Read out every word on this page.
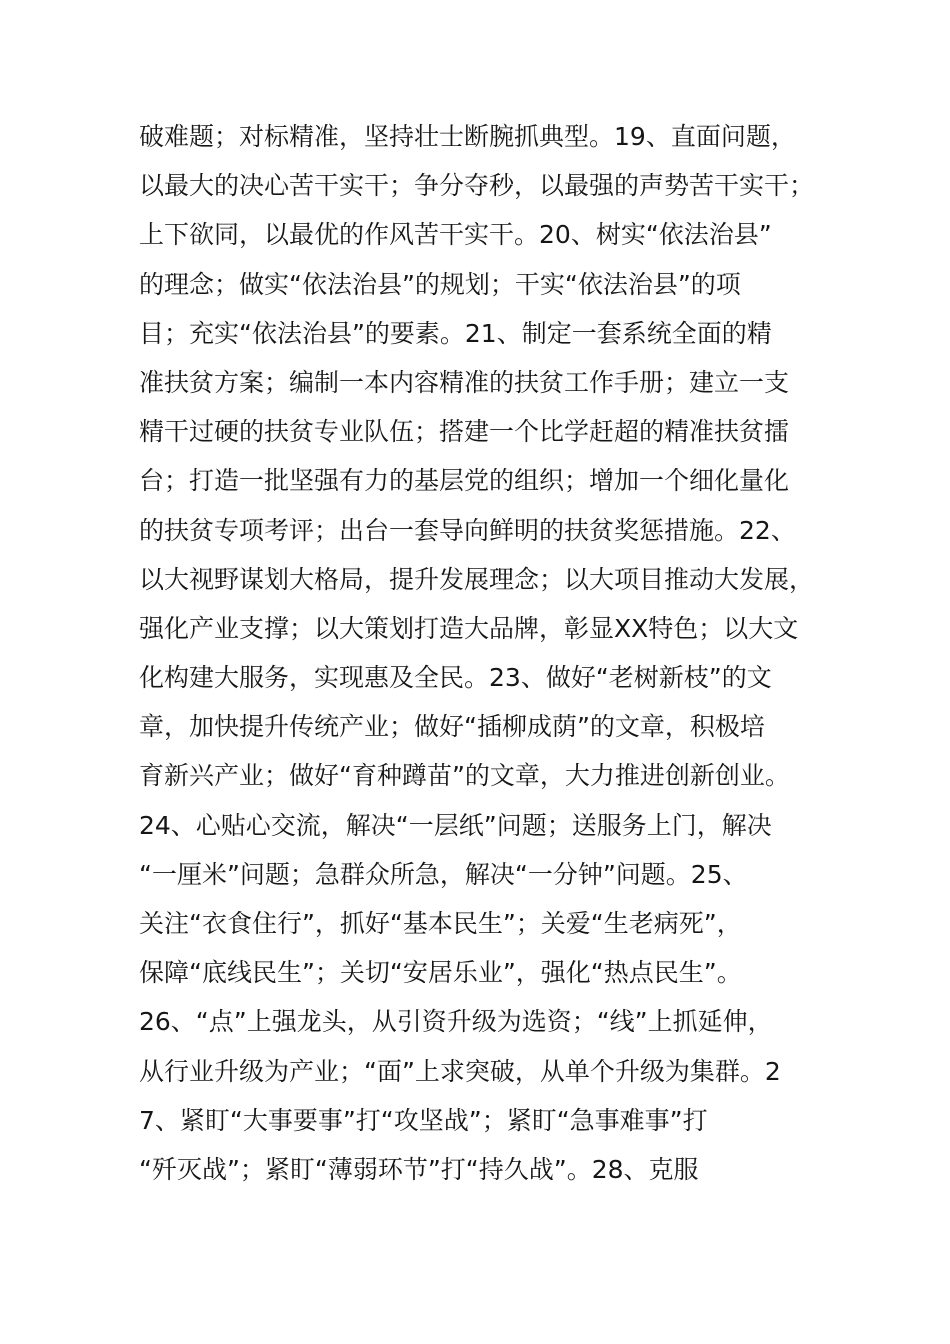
破难题；对标精准，坚持壮士断腕抓典型。19、直面问题，
以最大的决心苦干实干；争分夺秒，以最强的声势苦干实干；
上下欲同，以最优的作风苦干实干。20、树实“依法治县”
的理念；做实“依法治县”的规划；干实“依法治县”的项
目；充实“依法治县”的要素。21、制定一套系统全面的精
准扶贫方案；编制一本内容精准的扶贫工作手册；建立一支
精干过硬的扶贫专业队伍；搭建一个比学赶超的精准扶贫擂
台；打造一批坚强有力的基层党的组织；增加一个细化量化
的扶贫专项考评；出台一套导向鲜明的扶贫奖惩措施。22、
以大视野谋划大格局，提升发展理念；以大项目推动大发展，
强化产业支撑；以大策划打造大品牌，彰显XX特色；以大文
化构建大服务，实现惠及全民。23、做好“老树新枝”的文
章，加快提升传统产业；做好“插柳成荫”的文章，积极培
育新兴产业；做好“育种蹲苗”的文章，大力推进创新创业。
24、心贴心交流，解决“一层纸”问题；送服务上门，解决
“一厘米”问题；急群众所急，解决“一分钟”问题。25、
关注“衣食住行”，抓好“基本民生”；关爱“生老病死”，
保障“底线民生”；关切“安居乐业”，强化“热点民生”。
26、“点”上强龙头，从引资升级为选资；“线”上抓延伸，
从行业升级为产业；“面”上求突破，从单个升级为集群。2
7、紧盯“大事要事”打“攻坚战”；紧盯“急事难事”打
“歼灭战”；紧盯“薄弱环节”打“持久战”。28、克服
